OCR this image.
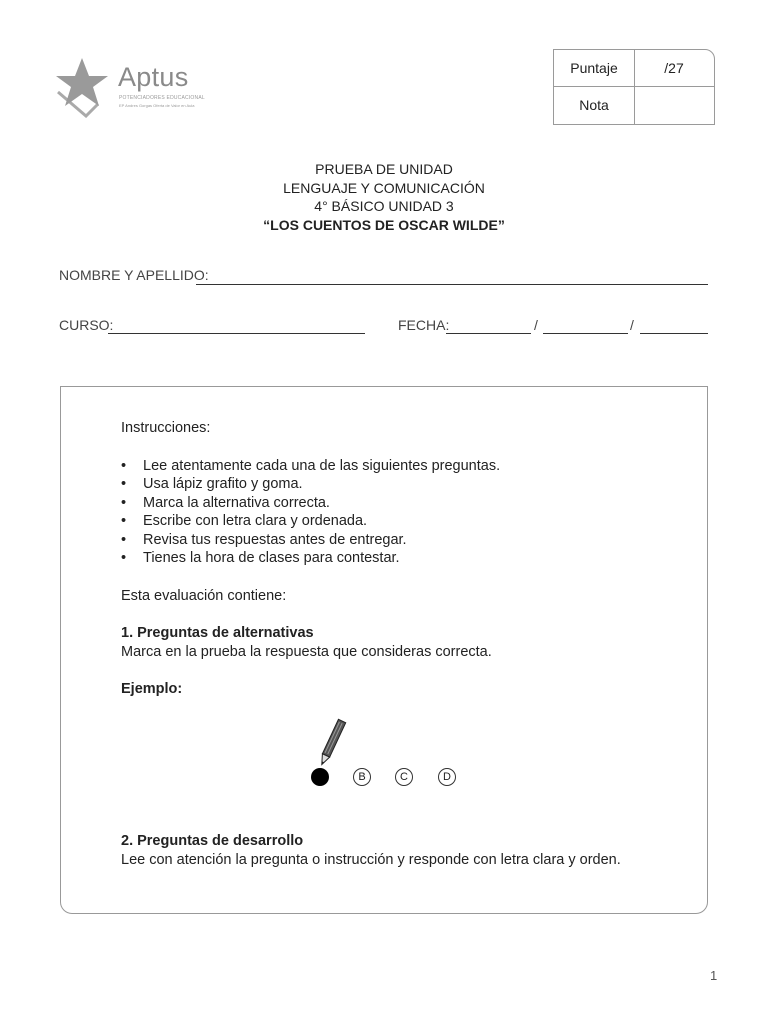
Aptus
POTENCIADORES EDUCACIONAL
EP Andres Gorgas Oferta de Valor en Aula
Puntaje	/27
Nota
PRUEBA DE UNIDAD
LENGUAJE Y COMUNICACIÓN
4° BÁSICO UNIDAD 3
“LOS CUENTOS DE OSCAR WILDE”
NOMBRE Y APELLIDO:
CURSO:	FECHA:	/	/

Instrucciones:

• Lee atentamente cada una de las siguientes preguntas.
• Usa lápiz grafito y goma.
• Marca la alternativa correcta.
• Escribe con letra clara y ordenada.
• Revisa tus respuestas antes de entregar.
• Tienes la hora de clases para contestar.

Esta evaluación contiene:

1. Preguntas de alternativas

Marca en la prueba la respuesta que consideras correcta.

Ejemplo:

B	C	D

2. Preguntas de desarrollo

Lee con atención la pregunta o instrucción y responde con letra clara y orden.

1
